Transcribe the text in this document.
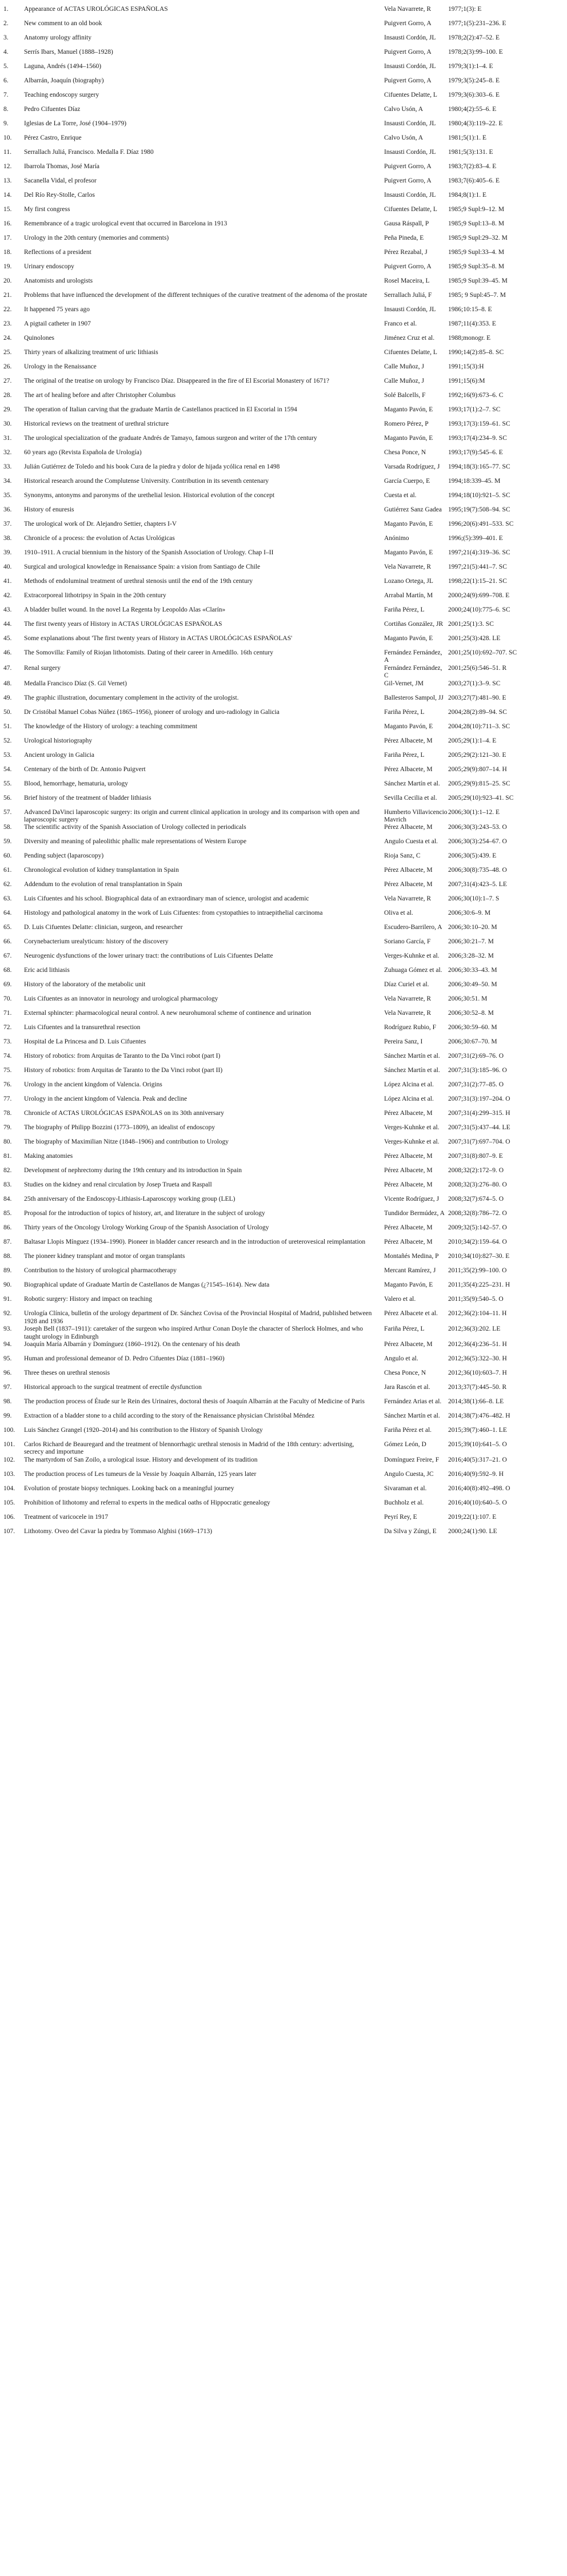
1.	Appearance of ACTAS UROLÓGICAS ESPAÑOLAS	Vela Navarrete, R	1977;1(3): E
2.	New comment to an old book	Puigvert Gorro, A	1977;1(5):231–236. E
3.	Anatomy urology affinity	Insausti Cordón, JL	1978;2(2):47–52. E
4.	Serrís Ibars, Manuel (1888–1928)	Puigvert Gorro, A	1978;2(3):99–100. E
5.	Laguna, Andrés (1494–1560)	Insausti Cordón, JL	1979;3(1):1–4. E
6.	Albarrán, Joaquín (biography)	Puigvert Gorro, A	1979;3(5):245–8. E
7.	Teaching endoscopy surgery	Cifuentes Delatte, L	1979;3(6):303–6. E
8.	Pedro Cifuentes Díaz	Calvo Usón, A	1980;4(2):55–6. E
9.	Iglesias de La Torre, José (1904–1979)	Insausti Cordón, JL	1980;4(3):119–22. E
10.	Pérez Castro, Enrique	Calvo Usón, A	1981;5(1):1. E
11.	Serrallach Juliá, Francisco. Medalla F. Díaz 1980	Insausti Cordón, JL	1981;5(3):131. E
12.	Ibarrola Thomas, José María	Puigvert Gorro, A	1983;7(2):83–4. E
13.	Sacanella Vidal, el profesor	Puigvert Gorro, A	1983;7(6):405–6. E
14.	Del Río Rey-Stolle, Carlos	Insausti Cordón, JL	1984;8(1):1. E
15.	My first congress	Cifuentes Delatte, L	1985;9 Supl:9–12. M
16.	Remembrance of a tragic urological event that occurred in Barcelona in 1913	Gausa Ráspall, P	1985;9 Supl:13–8. M
17.	Urology in the 20th century (memories and comments)	Peña Pineda, E	1985;9 Supl:29–32. M
18.	Reflections of a president	Pérez Rezabal, J	1985;9 Supl:33–4. M
19.	Urinary endoscopy	Puigvert Gorro, A	1985;9 Supl:35–8. M
20.	Anatomists and urologists	Rosel Maceira, L	1985;9 Supl:39–45. M
21.	Problems that have influenced the development of the different techniques of the curative treatment of the adenoma of the prostate	Serrallach Juliá, F	1985; 9 Supl:45–7. M
22.	It happened 75 years ago	Insausti Cordón, JL	1986;10:15–8. E
23.	A pigtail catheter in 1907	Franco et al.	1987;11(4):353. E
24.	Quinolones	Jiménez Cruz et al.	1988;monogr. E
25.	Thirty years of alkalizing treatment of uric lithiasis	Cifuentes Delatte, L	1990;14(2):85–8. SC
26.	Urology in the Renaissance	Calle Muñoz, J	1991;15(3):H
27.	The original of the treatise on urology by Francisco Díaz. Disappeared in the fire of El Escorial Monastery of 1671?	Calle Muñoz, J	1991;15(6):M
28.	The art of healing before and after Christopher Columbus	Solé Balcells, F	1992;16(9):673–6. C
29.	The operation of Italian carving that the graduate Martín de Castellanos practiced in El Escorial in 1594	Maganto Pavón, E	1993;17(1):2–7. SC
30.	Historical reviews on the treatment of urethral stricture	Romero Pérez, P	1993;17(3):159–61. SC
31.	The urological specialization of the graduate Andrés de Tamayo, famous surgeon and writer of the 17th century	Maganto Pavón, E	1993;17(4):234–9. SC
32.	60 years ago (Revista Española de Urología)	Chesa Ponce, N	1993;17(9):545–6. E
33.	Julián Gutiérrez de Toledo and his book Cura de la piedra y dolor de hijada ycólica renal en 1498	Varsada Rodríguez, J	1994;18(3):165–77. SC
34.	Historical research around the Complutense University. Contribution in its seventh centenary	García Cuerpo, E	1994;18:339–45. M
35.	Synonyms, antonyms and paronyms of the urethelial lesion. Historical evolution of the concept	Cuesta et al.	1994;18(10):921–5. SC
36.	History of enuresis	Gutiérrez Sanz Gadea	1995;19(7):508–94. SC
37.	The urological work of Dr. Alejandro Settier, chapters I-V	Maganto Pavón, E	1996;20(6):491–533. SC
38.	Chronicle of a process: the evolution of Actas Urológicas	Anónimo	1996;(5):399–401. E
39.	1910–1911. A crucial biennium in the history of the Spanish Association of Urology. Chap I–II	Maganto Pavón, E	1997;21(4):319–36. SC
40.	Surgical and urological knowledge in Renaissance Spain: a vision from Santiago de Chile	Vela Navarrete, R	1997;21(5):441–7. SC
41.	Methods of endoluminal treatment of urethral stenosis until the end of the 19th century	Lozano Ortega, JL	1998;22(1):15–21. SC
42.	Extracorporeal lithotripsy in Spain in the 20th century	Arrabal Martín, M	2000;24(9):699–708. E
43.	A bladder bullet wound. In the novel La Regenta by Leopoldo Alas «Clarín»	Fariña Pérez, L	2000;24(10):775–6. SC
44.	The first twenty years of History in ACTAS UROLÓGICAS ESPAÑOLAS	Cortiñas González, JR	2001;25(1):3. SC
45.	Some explanations about 'The first twenty years of History in ACTAS UROLÓGICAS ESPAÑOLAS'	Maganto Pavón, E	2001;25(3):428. LE
46.	The Somovilla: Family of Riojan lithotomists. Dating of their career in Arnedillo. 16th century	Fernández Fernández, A	2001;25(10):692–707. SC
47.	Renal surgery	Fernández Fernández, C	2001;25(6):546–51. R
48.	Medalla Francisco Díaz (S. Gil Vernet)	Gil-Vernet, JM	2003;27(1):3–9. SC
49.	The graphic illustration, documentary complement in the activity of the urologist.	Ballesteros Sampol, JJ	2003;27(7):481–90. E
50.	Dr Cristóbal Manuel Cobas Núñez (1865–1956), pioneer of urology and uro-radiology in Galicia	Fariña Pérez, L	2004;28(2):89–94. SC
51.	The knowledge of the History of urology: a teaching commitment	Maganto Pavón, E	2004;28(10):711–3. SC
52.	Urological historiography	Pérez Albacete, M	2005;29(1):1–4. E
53.	Ancient urology in Galicia	Fariña Pérez, L	2005;29(2):121–30. E
54.	Centenary of the birth of Dr. Antonio Puigvert	Pérez Albacete, M	2005;29(9):807–14. H
55.	Blood, hemorrhage, hematuria, urology	Sánchez Martín et al.	2005;29(9):815–25. SC
56.	Brief history of the treatment of bladder lithiasis	Sevilla Cecilia et al.	2005;29(10):923–41. SC
57.	Advanced DaVinci laparoscopic surgery: its origin and current clinical application in urology and its comparison with open and laparoscopic surgery	Humberto Villavicencio Mavrich	2006;30(1):1–12. E
58.	The scientific activity of the Spanish Association of Urology collected in periodicals	Pérez Albacete, M	2006;30(3):243–53. O
59.	Diversity and meaning of paleolithic phallic male representations of Western Europe	Angulo Cuesta et al.	2006;30(3):254–67. O
60.	Pending subject (laparoscopy)	Rioja Sanz, C	2006;30(5):439. E
61.	Chronological evolution of kidney transplantation in Spain	Pérez Albacete, M	2006;30(8):735–48. O
62.	Addendum to the evolution of renal transplantation in Spain	Pérez Albacete, M	2007;31(4):423–5. LE
63.	Luis Cifuentes and his school. Biographical data of an extraordinary man of science, urologist and academic	Vela Navarrete, R	2006;30(10):1–7. S
64.	Histology and pathological anatomy in the work of Luis Cifuentes: from cystopathies to intraepithelial carcinoma	Oliva et al.	2006;30:6–9. M
65.	D. Luis Cifuentes Delatte: clinician, surgeon, and researcher	Escudero-Barrilero, A	2006;30:10–20. M
66.	Corynebacterium urealyticum: history of the discovery	Soriano García, F	2006;30:21–7. M
67.	Neurogenic dysfunctions of the lower urinary tract: the contributions of Luis Cifuentes Delatte	Verges-Kuhnke et al.	2006;3:28–32. M
68.	Eric acid lithiasis	Zuhuaga Gómez et al.	2006;30:33–43. M
69.	History of the laboratory of the metabolic unit	Díaz Curiel et al.	2006;30:49–50. M
70.	Luis Cifuentes as an innovator in neurology and urological pharmacology	Vela Navarrete, R	2006;30:51. M
71.	External sphincter: pharmacological neural control. A new neurohumoral scheme of continence and urination	Vela Navarrete, R	2006;30:52–8. M
72.	Luis Cifuentes and la transurethral resection	Rodríguez Rubio, F	2006;30:59–60. M
73.	Hospital de La Princesa and D. Luis Cifuentes	Pereira Sanz, I	2006;30:67–70. M
74.	History of robotics: from Arquitas de Taranto to the Da Vinci robot (part I)	Sánchez Martín et al.	2007;31(2):69–76. O
75.	History of robotics: from Arquitas de Taranto to the Da Vinci robot (part II)	Sánchez Martín et al.	2007;31(3):185–96. O
76.	Urology in the ancient kingdom of Valencia. Origins	López Alcina et al.	2007;31(2):77–85. O
77.	Urology in the ancient kingdom of Valencia. Peak and decline	López Alcina et al.	2007;31(3):197–204. O
78.	Chronicle of ACTAS UROLÓGICAS ESPAÑOLAS on its 30th anniversary	Pérez Albacete, M	2007;31(4):299–315. H
79.	The biography of Philipp Bozzini (1773–1809), an idealist of endoscopy	Verges-Kuhnke et al.	2007;31(5):437–44. LE
80.	The biography of Maximilian Nitze (1848–1906) and contribution to Urology	Verges-Kuhnke et al.	2007;31(7):697–704. O
81.	Making anatomies	Pérez Albacete, M	2007;31(8):807–9. E
82.	Development of nephrectomy during the 19th century and its introduction in Spain	Pérez Albacete, M	2008;32(2):172–9. O
83.	Studies on the kidney and renal circulation by Josep Trueta and Raspall	Pérez Albacete, M	2008;32(3):276–80. O
84.	25th anniversary of the Endoscopy-Lithiasis-Laparoscopy working group (LEL)	Vicente Rodríguez, J	2008;32(7):674–5. O
85.	Proposal for the introduction of topics of history, art, and literature in the subject of urology	Tundidor Bermúdez, A	2008;32(8):786–72. O
86.	Thirty years of the Oncology Urology Working Group of the Spanish Association of Urology	Pérez Albacete, M	2009;32(5):142–57. O
87.	Baltasar Llopis Mínguez (1934–1990). Pioneer in bladder cancer research and in the introduction of ureterovesical reimplantation	Pérez Albacete, M	2010;34(2):159–64. O
88.	The pioneer kidney transplant and motor of organ transplants	Montañés Medina, P	2010;34(10):827–30. E
89.	Contribution to the history of urological pharmacotherapy	Mercant Ramírez, J	2011;35(2):99–100. O
90.	Biographical update of Graduate Martín de Castellanos de Mangas (¿?1545–1614). New data	Maganto Pavón, E	2011;35(4):225–231. H
91.	Robotic surgery: History and impact on teaching	Valero et al.	2011;35(9):540–5. O
92.	Urología Clínica, bulletin of the urology department of Dr. Sánchez Covisa of the Provincial Hospital of Madrid, published between 1928 and 1936	Pérez Albacete et al.	2012;36(2):104–11. H
93.	Joseph Bell (1837–1911): caretaker of the surgeon who inspired Arthur Conan Doyle the character of Sherlock Holmes, and who taught urology in Edinburgh	Fariña Pérez, L	2012;36(3):202. LE
94.	Joaquín María Albarrán y Domínguez (1860–1912). On the centenary of his death	Pérez Albacete, M	2012;36(4):236–51. H
95.	Human and professional demeanor of D. Pedro Cifuentes Díaz (1881–1960)	Angulo et al.	2012;36(5):322–30. H
96.	Three theses on urethral stenosis	Chesa Ponce, N	2012;36(10):603–7. H
97.	Historical approach to the surgical treatment of erectile dysfunction	Jara Rascón et al.	2013;37(7):445–50. R
98.	The production process of Étude sur le Rein des Urinaires, doctoral thesis of Joaquín Albarrán at the Faculty of Medicine of Paris	Fernández Arias et al.	2014;38(1):66–8. LE
99.	Extraction of a bladder stone to a child according to the story of the Renaissance physician Christóbal Méndez	Sánchez Martín et al.	2014;38(7):476–482. H
100.	Luis Sánchez Grangel (1920–2014) and his contribution to the History of Spanish Urology	Fariña Pérez et al.	2015;39(7):460–1. LE
101.	Carlos Richard de Beauregard and the treatment of blennorrhagic urethral stenosis in Madrid of the 18th century: advertising, secrecy and importune	Gómez León, D	2015;39(10):641–5. O
102.	The martyrdom of San Zoilo, a urological issue. History and development of its tradition	Domínguez Freire, F	2016;40(5):317–21. O
103.	The production process of Les tumeurs de la Vessie by Joaquín Albarrán, 125 years later	Angulo Cuesta, JC	2016;40(9):592–9. H
104.	Evolution of prostate biopsy techniques. Looking back on a meaningful journey	Sivaraman et al.	2016;40(8):492–498. O
105.	Prohibition of lithotomy and referral to experts in the medical oaths of Hippocratic genealogy	Buchholz et al.	2016;40(10):640–5. O
106.	Treatment of varicocele in 1917	Peyrí Rey, E	2019;22(1):107. E
107.	Lithotomy. Oveo del Cavar la piedra by Tommaso Alghisi (1669–1713)	Da Silva y Zúngi, E	2000;24(1):90. LE
